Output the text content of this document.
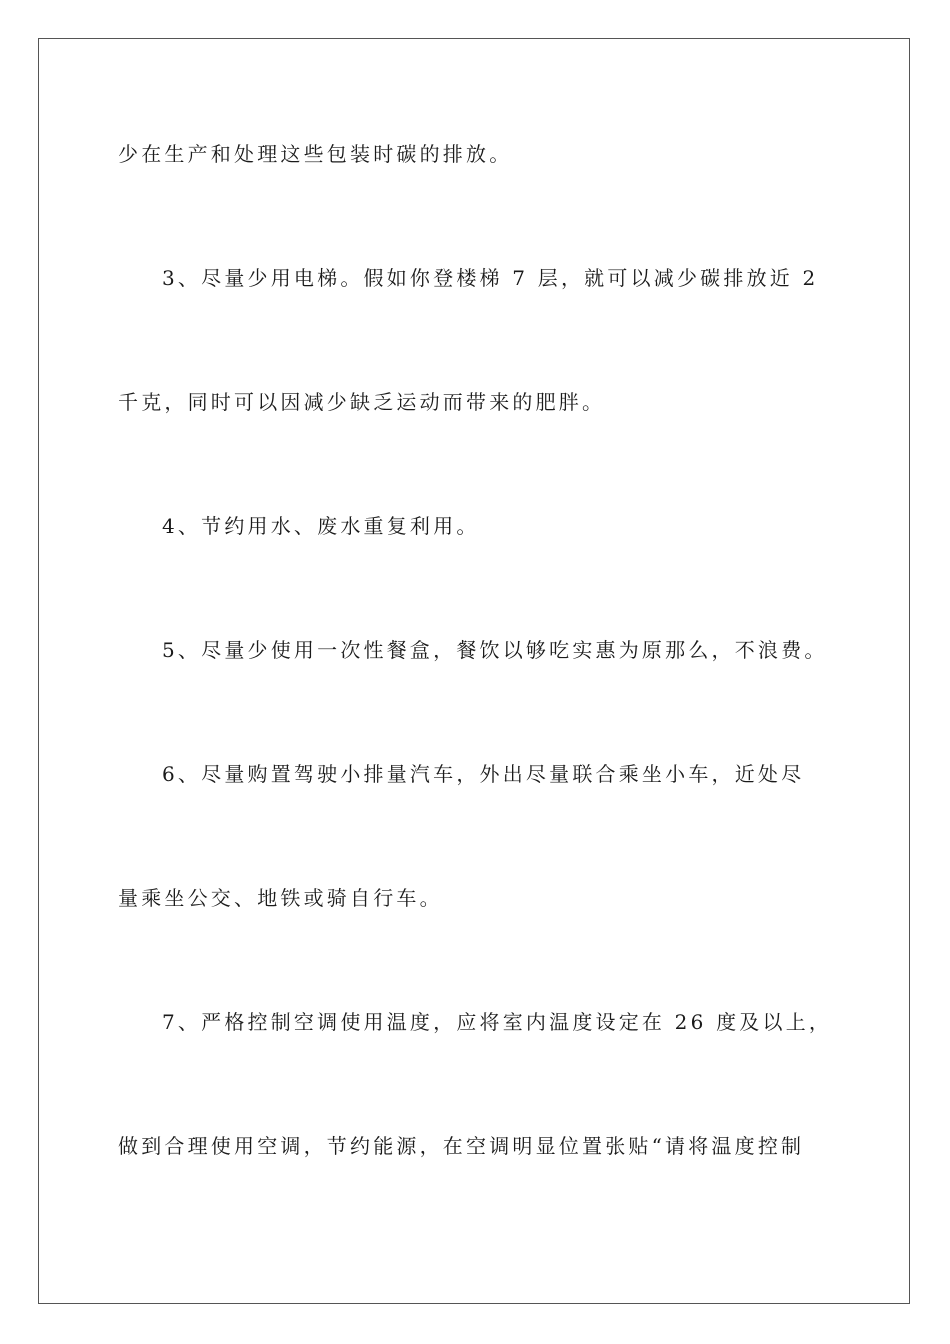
少在生产和处理这些包装时碳的排放。
3、尽量少用电梯。假如你登楼梯 7 层，就可以减少碳排放近 2
千克，同时可以因减少缺乏运动而带来的肥胖。
4、节约用水、废水重复利用。
5、尽量少使用一次性餐盒，餐饮以够吃实惠为原那么，不浪费。
6、尽量购置驾驶小排量汽车，外出尽量联合乘坐小车，近处尽
量乘坐公交、地铁或骑自行车。
7、严格控制空调使用温度，应将室内温度设定在 26 度及以上，
做到合理使用空调，节约能源，在空调明显位置张贴“请将温度控制
